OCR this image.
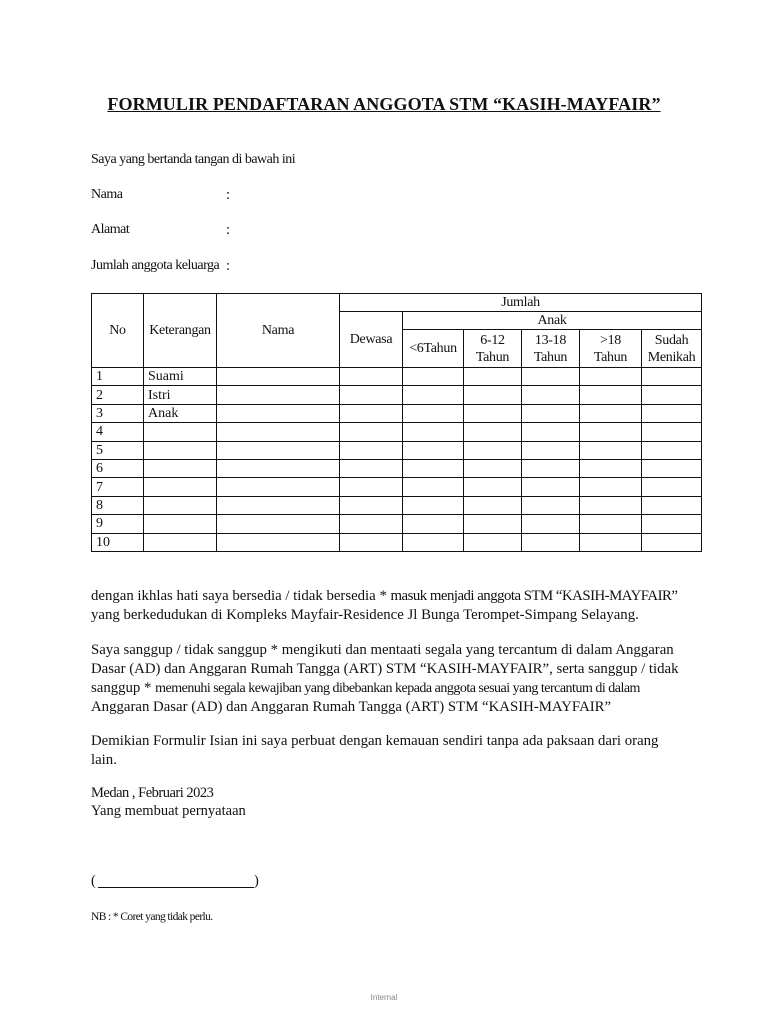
FORMULIR PENDAFTARAN ANGGOTA STM “KASIH-MAYFAIR”
Saya yang bertanda tangan di bawah ini
Nama	:
Alamat	:
Jumlah anggota keluarga :
No	Keterangan	Nama	Jumlah					
			Dewasa	Anak				
				<6Tahun	6-12 Tahun	13-18 Tahun	>18 Tahun	Sudah Menikah
1	Suami							
2	Istri							
3	Anak							
4								
5								
6								
7								
8								
9								
10								
dengan ikhlas hati saya bersedia / tidak bersedia * masuk menjadi anggota STM “KASIH-MAYFAIR”
yang berkedudukan di Kompleks Mayfair-Residence Jl Bunga Terompet-Simpang Selayang.
Saya sanggup / tidak sanggup * mengikuti dan mentaati segala yang tercantum di dalam Anggaran
Dasar (AD) dan Anggaran Rumah Tangga (ART) STM “KASIH-MAYFAIR”, serta sanggup / tidak
sanggup * memenuhi segala kewajiban yang dibebankan kepada anggota sesuai yang tercantum di dalam
Anggaran Dasar (AD) dan Anggaran Rumah Tangga (ART) STM “KASIH-MAYFAIR”
Demikian Formulir Isian ini saya perbuat dengan kemauan sendiri tanpa ada paksaan dari orang
lain.
Medan , Februari 2023
Yang membuat pernyataan
(	)
NB : * Coret yang tidak perlu.
Internal
